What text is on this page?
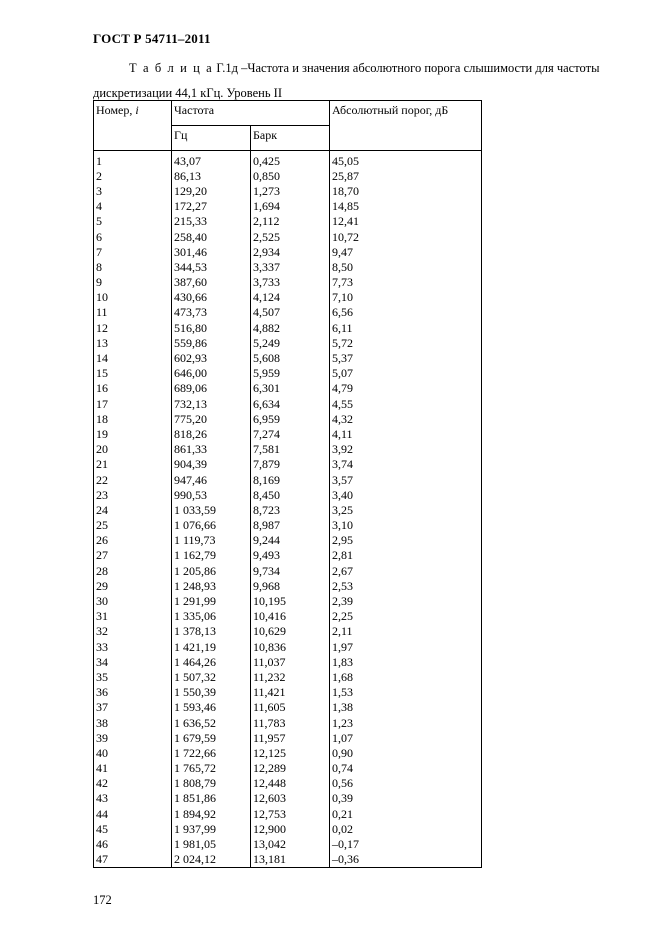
ГОСТ Р 54711–2011
Т а б л и ц а Г.1д –Частота и значения абсолютного порога слышимости для частоты дискретизации 44,1 кГц. Уровень II
Номер, i	Частота		Абсолютный порог, дБ
	Гц	Барк	
1	43,07	0,425	45,05
2	86,13	0,850	25,87
3	129,20	1,273	18,70
4	172,27	1,694	14,85
5	215,33	2,112	12,41
6	258,40	2,525	10,72
7	301,46	2,934	9,47
8	344,53	3,337	8,50
9	387,60	3,733	7,73
10	430,66	4,124	7,10
11	473,73	4,507	6,56
12	516,80	4,882	6,11
13	559,86	5,249	5,72
14	602,93	5,608	5,37
15	646,00	5,959	5,07
16	689,06	6,301	4,79
17	732,13	6,634	4,55
18	775,20	6,959	4,32
19	818,26	7,274	4,11
20	861,33	7,581	3,92
21	904,39	7,879	3,74
22	947,46	8,169	3,57
23	990,53	8,450	3,40
24	1 033,59	8,723	3,25
25	1 076,66	8,987	3,10
26	1 119,73	9,244	2,95
27	1 162,79	9,493	2,81
28	1 205,86	9,734	2,67
29	1 248,93	9,968	2,53
30	1 291,99	10,195	2,39
31	1 335,06	10,416	2,25
32	1 378,13	10,629	2,11
33	1 421,19	10,836	1,97
34	1 464,26	11,037	1,83
35	1 507,32	11,232	1,68
36	1 550,39	11,421	1,53
37	1 593,46	11,605	1,38
38	1 636,52	11,783	1,23
39	1 679,59	11,957	1,07
40	1 722,66	12,125	0,90
41	1 765,72	12,289	0,74
42	1 808,79	12,448	0,56
43	1 851,86	12,603	0,39
44	1 894,92	12,753	0,21
45	1 937,99	12,900	0,02
46	1 981,05	13,042	–0,17
47	2 024,12	13,181	–0,36
172
